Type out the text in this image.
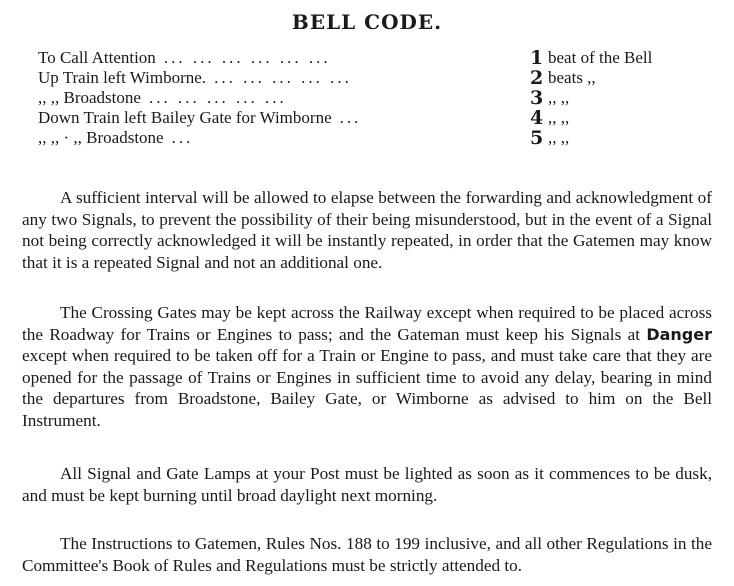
BELL CODE.
To Call Attention ... ... ... ... ... ...	1 beat of the Bell
Up Train left Wimborne. ... ... ... ... ...	2 beats ,,
,, ,, Broadstone ... ... ... ... ...	3 ,, ,,
Down Train left Bailey Gate for Wimborne ...	4 ,, ,,
,, ,, · ,, Broadstone ...	5 ,, ,,

A sufficient interval will be allowed to elapse between the forwarding and acknowledgment of any two Signals, to prevent the possibility of their being misunderstood, but in the event of a Signal not being correctly acknowledged it will be instantly repeated, in order that the Gatemen may know that it is a repeated Signal and not an additional one.

The Crossing Gates may be kept across the Railway except when required to be placed across the Roadway for Trains or Engines to pass; and the Gateman must keep his Signals at Danger except when required to be taken off for a Train or Engine to pass, and must take care that they are opened for the passage of Trains or Engines in sufficient time to avoid any delay, bearing in mind the departures from Broadstone, Bailey Gate, or Wimborne as advised to him on the Bell Instrument.

All Signal and Gate Lamps at your Post must be lighted as soon as it commences to be dusk, and must be kept burning until broad daylight next morning.

The Instructions to Gatemen, Rules Nos. 188 to 199 inclusive, and all other Regulations in the Committee's Book of Rules and Regulations must be strictly attended to.
